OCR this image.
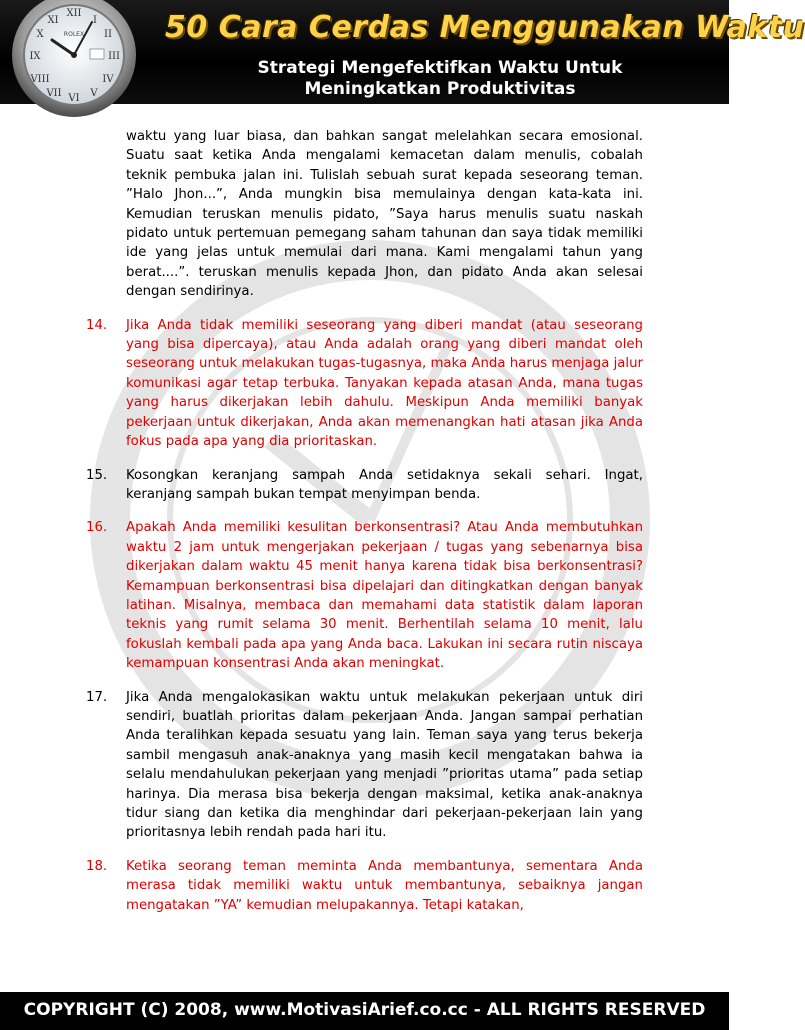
XII
III
VI
IX
I
II
IV
V
VII
VIII
X
XI
ROLEX	50 Cara Cerdas Menggunakan Waktu
Strategi Mengefektifkan Waktu Untuk
Meningkatkan Produktivitas
waktu yang luar biasa, dan bahkan sangat melelahkan secara emosional. Suatu saat ketika Anda mengalami kemacetan dalam menulis, cobalah teknik pembuka jalan ini. Tulislah sebuah surat kepada seseorang teman. ”Halo Jhon...”, Anda mungkin bisa memulainya dengan kata-kata ini. Kemudian teruskan menulis pidato, ”Saya harus menulis suatu naskah pidato untuk pertemuan pemegang saham tahunan dan saya tidak memiliki ide yang jelas untuk memulai dari mana. Kami mengalami tahun yang berat....”. teruskan menulis kepada Jhon, dan pidato Anda akan selesai dengan sendirinya.
14. Jika Anda tidak memiliki seseorang yang diberi mandat (atau seseorang yang bisa dipercaya), atau Anda adalah orang yang diberi mandat oleh seseorang untuk melakukan tugas-tugasnya, maka Anda harus menjaga jalur komunikasi agar tetap terbuka. Tanyakan kepada atasan Anda, mana tugas yang harus dikerjakan lebih dahulu. Meskipun Anda memiliki banyak pekerjaan untuk dikerjakan, Anda akan memenangkan hati atasan jika Anda fokus pada apa yang dia prioritaskan.
15. Kosongkan keranjang sampah Anda setidaknya sekali sehari. Ingat, keranjang sampah bukan tempat menyimpan benda.
16. Apakah Anda memiliki kesulitan berkonsentrasi? Atau Anda membutuhkan waktu 2 jam untuk mengerjakan pekerjaan / tugas yang sebenarnya bisa dikerjakan dalam waktu 45 menit hanya karena tidak bisa berkonsentrasi? Kemampuan berkonsentrasi bisa dipelajari dan ditingkatkan dengan banyak latihan. Misalnya, membaca dan memahami data statistik dalam laporan teknis yang rumit selama 30 menit. Berhentilah selama 10 menit, lalu fokuslah kembali pada apa yang Anda baca. Lakukan ini secara rutin niscaya kemampuan konsentrasi Anda akan meningkat.
17. Jika Anda mengalokasikan waktu untuk melakukan pekerjaan untuk diri sendiri, buatlah prioritas dalam pekerjaan Anda. Jangan sampai perhatian Anda teralihkan kepada sesuatu yang lain. Teman saya yang terus bekerja sambil mengasuh anak-anaknya yang masih kecil mengatakan bahwa ia selalu mendahulukan pekerjaan yang menjadi ”prioritas utama” pada setiap harinya. Dia merasa bisa bekerja dengan maksimal, ketika anak-anaknya tidur siang dan ketika dia menghindar dari pekerjaan-pekerjaan lain yang prioritasnya lebih rendah pada hari itu.
18. Ketika seorang teman meminta Anda membantunya, sementara Anda merasa tidak memiliki waktu untuk membantunya, sebaiknya jangan mengatakan ”YA” kemudian melupakannya. Tetapi katakan,
COPYRIGHT (C) 2008, www.MotivasiArief.co.cc - ALL RIGHTS RESERVED
